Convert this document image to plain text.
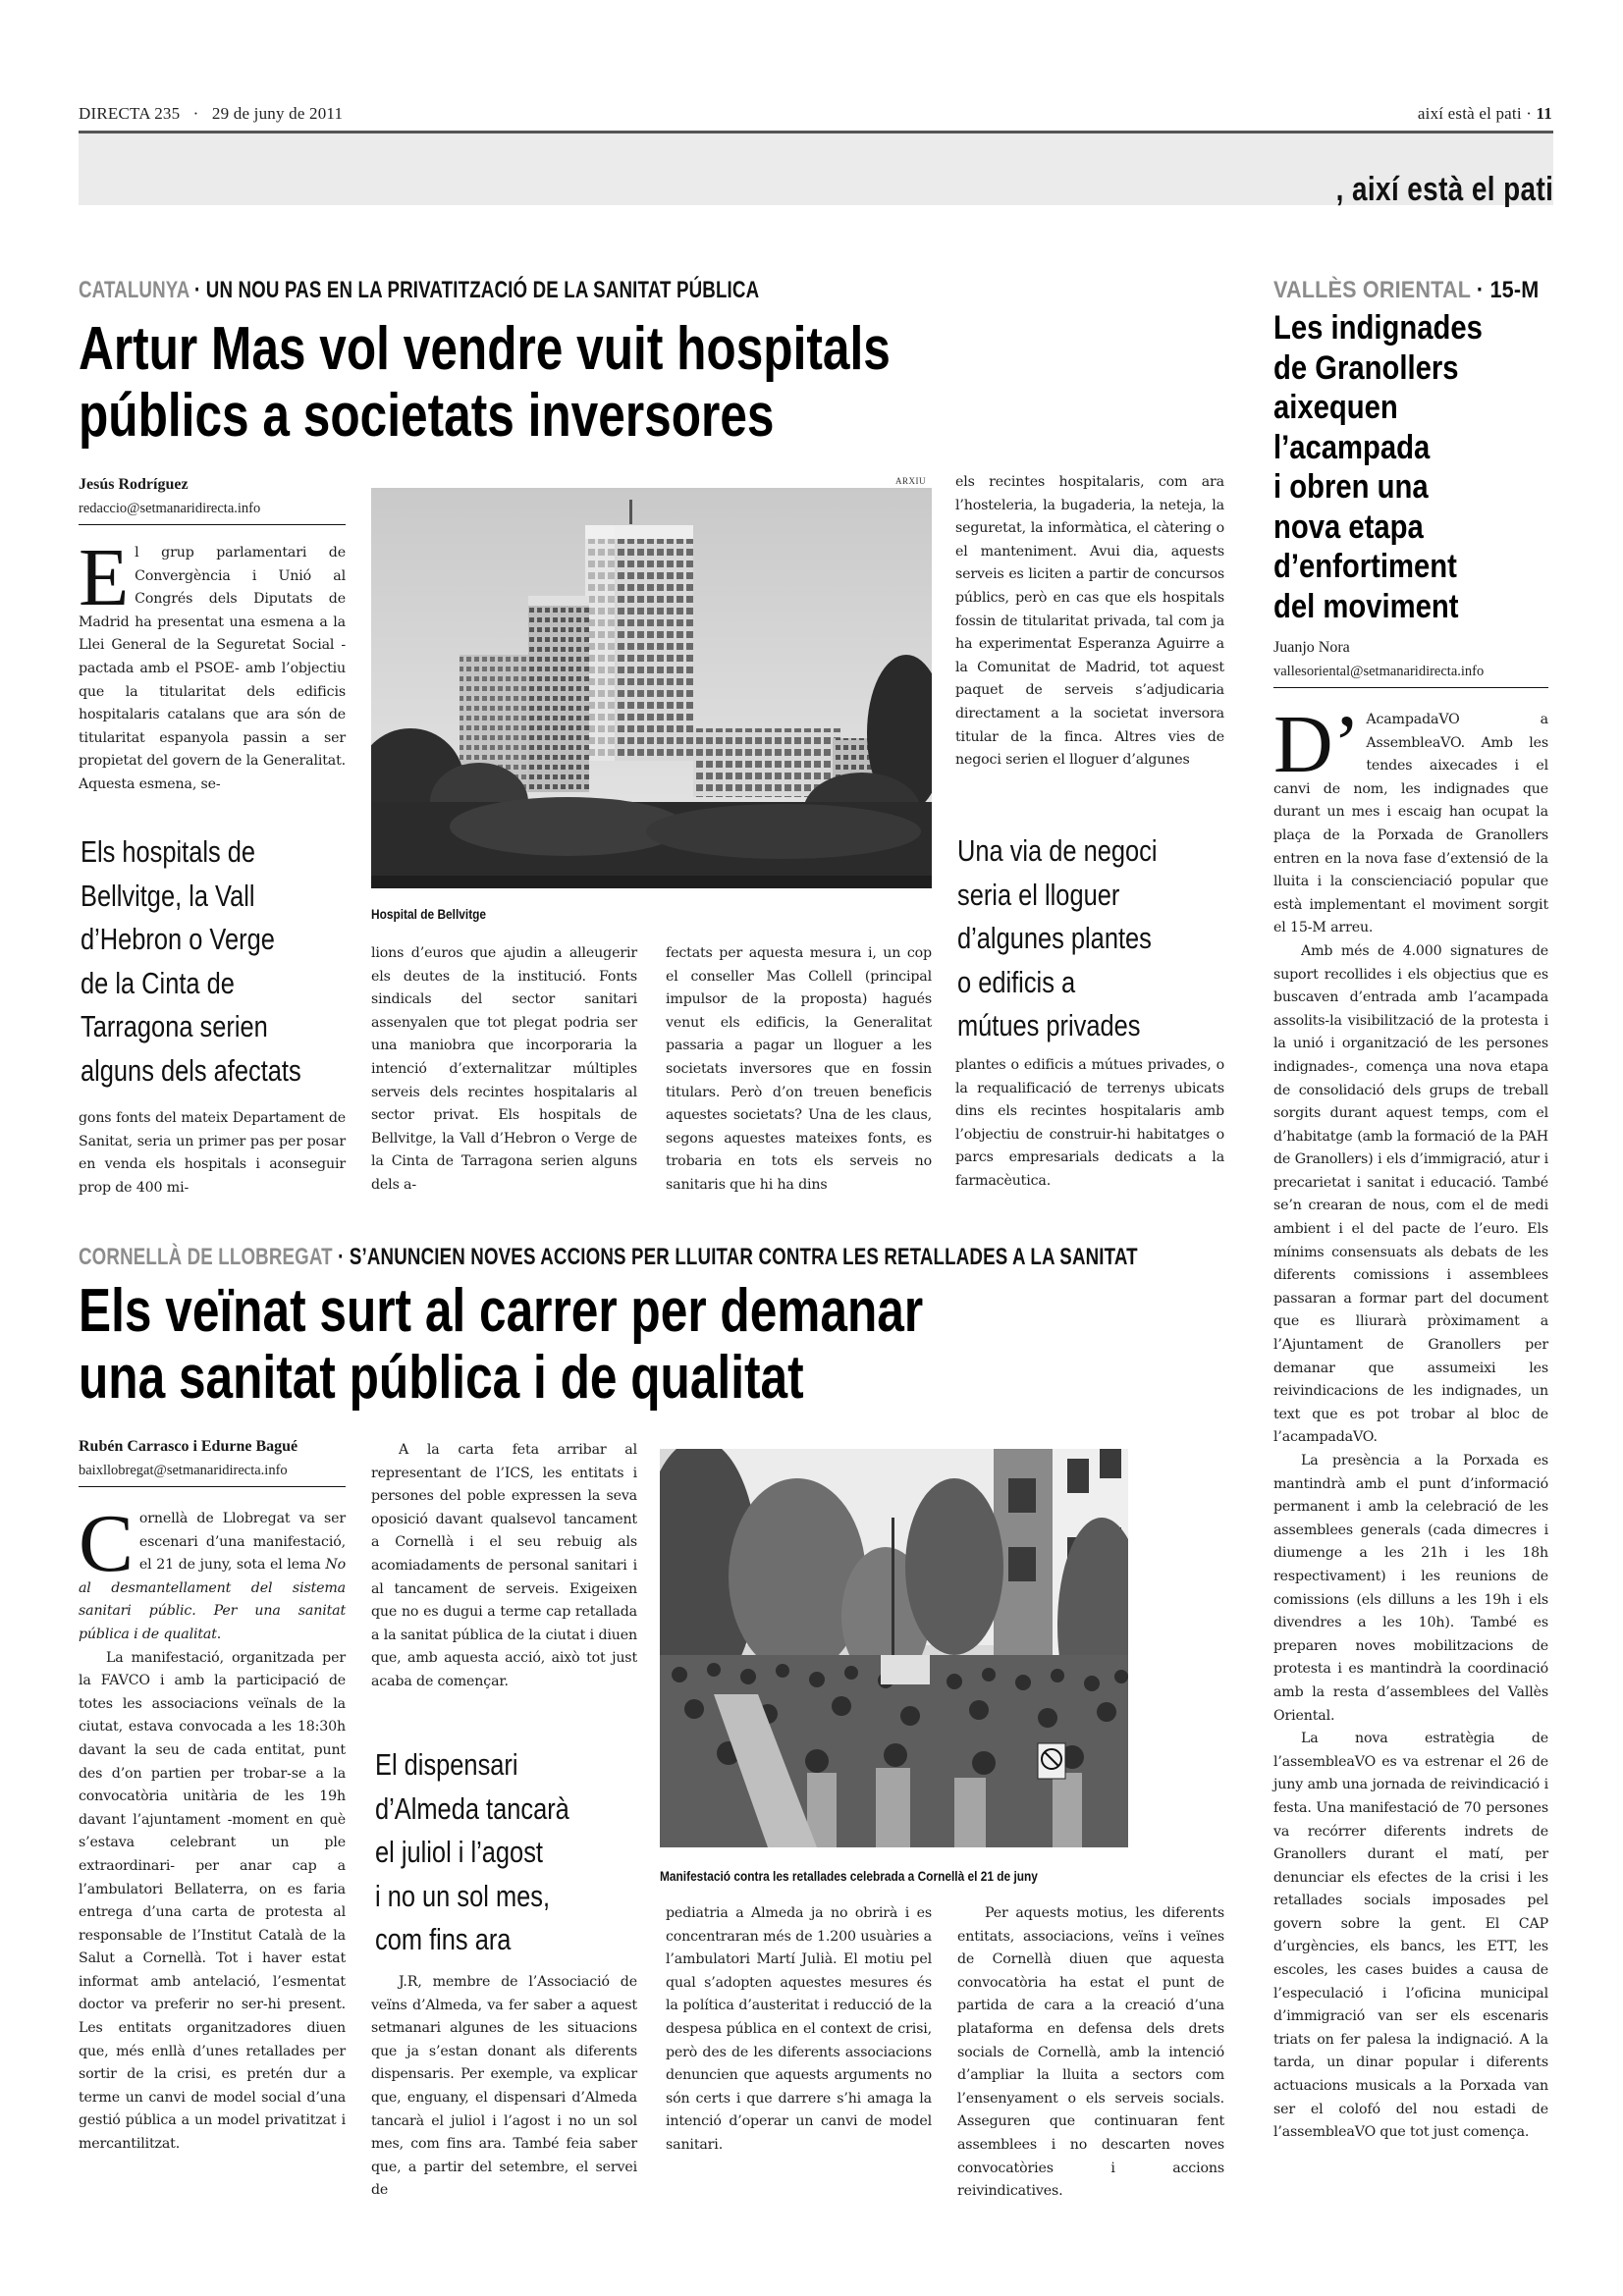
DIRECTA 235 · 29 de juny de 2011	així està el pati · 11
, així està el pati
CATALUNYA · UN NOU PAS EN LA PRIVATITZACIÓ DE LA SANITAT PÚBLICA
Artur Mas vol vendre vuit hospitals
públics a societats inversores
Jesús Rodríguez
redaccio@setmanaridirecta.info

El grup parlamentari de Convergència i Unió al Congrés dels Diputats de Madrid ha presentat una esmena a la Llei General de la Seguretat Social -pactada amb el PSOE- amb l’objectiu que la titularitat dels edificis hospitalaris catalans que ara són de titularitat espanyola passin a ser propietat del govern de la Generalitat. Aquesta esmena, se-

Els hospitals de
Bellvitge, la Vall
d’Hebron o Verge
de la Cinta de
Tarragona serien
alguns dels afectats

gons fonts del mateix Departament de Sanitat, seria un primer pas per posar en venda els hospitals i aconseguir prop de 400 mi-

ARXIU
Hospital de Bellvitge

lions d’euros que ajudin a alleugerir els deutes de la institució. Fonts sindicals del sector sanitari assenyalen que tot plegat podria ser una maniobra que incorporaria la intenció d’externalitzar múltiples serveis dels recintes hospitalaris al sector privat. Els hospitals de Bellvitge, la Vall d’Hebron o Verge de la Cinta de Tarragona serien alguns dels a-

fectats per aquesta mesura i, un cop el conseller Mas Collell (principal impulsor de la proposta) hagués venut els edificis, la Generalitat passaria a pagar un lloguer a les societats inversores que en fossin titulars. Però d’on treuen beneficis aquestes societats? Una de les claus, segons aquestes mateixes fonts, es trobaria en tots els serveis no sanitaris que hi ha dins

els recintes hospitalaris, com ara l’hosteleria, la bugaderia, la neteja, la seguretat, la informàtica, el càtering o el manteniment. Avui dia, aquests serveis es liciten a partir de concursos públics, però en cas que els hospitals fossin de titularitat privada, tal com ja ha experimentat Esperanza Aguirre a la Comunitat de Madrid, tot aquest paquet de serveis s’adjudicaria directament a la societat inversora titular de la finca. Altres vies de negoci serien el lloguer d’algunes

Una via de negoci
seria el lloguer
d’algunes plantes
o edificis a
mútues privades

plantes o edificis a mútues privades, o la requalificació de terrenys ubicats dins els recintes hospitalaris amb l’objectiu de construir-hi habitatges o parcs empresarials dedicats a la farmacèutica.

CORNELLÀ DE LLOBREGAT · S’ANUNCIEN NOVES ACCIONS PER LLUITAR CONTRA LES RETALLADES A LA SANITAT
Els veïnat surt al carrer per demanar
una sanitat pública i de qualitat
Rubén Carrasco i Edurne Bagué
baixllobregat@setmanaridirecta.info

Cornellà de Llobregat va ser escenari d’una manifestació, el 21 de juny, sota el lema No al desmantellament del sistema sanitari públic. Per una sanitat pública i de qualitat.

La manifestació, organitzada per la FAVCO i amb la participació de totes les associacions veïnals de la ciutat, estava convocada a les 18:30h davant la seu de cada entitat, punt des d’on partien per trobar-se a la convocatòria unitària de les 19h davant l’ajuntament -moment en què s’estava celebrant un ple extraordinari- per anar cap a l’ambulatori Bellaterra, on es faria entrega d’una carta de protesta al responsable de l’Institut Català de la Salut a Cornellà. Tot i haver estat informat amb antelació, l’esmentat doctor va preferir no ser-hi present. Les entitats organitzadores diuen que, més enllà d’unes retallades per sortir de la crisi, es pretén dur a terme un canvi de model social d’una gestió pública a un model privatitzat i mercantilitzat.

A la carta feta arribar al representant de l’ICS, les entitats i persones del poble expressen la seva oposició davant qualsevol tancament a Cornellà i el seu rebuig als acomiadaments de personal sanitari i al tancament de serveis. Exigeixen que no es dugui a terme cap retallada a la sanitat pública de la ciutat i diuen que, amb aquesta acció, això tot just acaba de començar.

El dispensari
d’Almeda tancarà
el juliol i l’agost
i no un sol mes,
com fins ara

J.R, membre de l’Associació de veïns d’Almeda, va fer saber a aquest setmanari algunes de les situacions que ja s’estan donant als diferents dispensaris. Per exemple, va explicar que, enguany, el dispensari d’Almeda tancarà el juliol i l’agost i no un sol mes, com fins ara. També feia saber que, a partir del setembre, el servei de

Manifestació contra les retallades celebrada a Cornellà el 21 de juny

pediatria a Almeda ja no obrirà i es concentraran més de 1.200 usuàries a l’ambulatori Martí Julià. El motiu pel qual s’adopten aquestes mesures és la política d’austeritat i reducció de la despesa pública en el context de crisi, però des de les diferents associacions denuncien que aquests arguments no són certs i que darrere s’hi amaga la intenció d’operar un canvi de model sanitari.

Per aquests motius, les diferents entitats, associacions, veïns i veïnes de Cornellà diuen que aquesta convocatòria ha estat el punt de partida de cara a la creació d’una plataforma en defensa dels drets socials de Cornellà, amb la intenció d’ampliar la lluita a sectors com l’ensenyament o els serveis socials. Asseguren que continuaran fent assemblees i no descarten noves convocatòries i accions reivindicatives.

VALLÈS ORIENTAL · 15-M
Les indignades
de Granollers
aixequen
l’acampada
i obren una
nova etapa
d’enfortiment
del moviment
Juanjo Nora
vallesoriental@setmanaridirecta.info

D’ AcampadaVO a AssembleaVO. Amb les tendes aixecades i el canvi de nom, les indignades que durant un mes i escaig han ocupat la plaça de la Porxada de Granollers entren en la nova fase d’extensió de la lluita i la conscienciació popular que està implementant el moviment sorgit el 15-M arreu.

Amb més de 4.000 signatures de suport recollides i els objectius que es buscaven d’entrada amb l’acampada assolits-la visibilització de la protesta i la unió i organització de les persones indignades-, comença una nova etapa de consolidació dels grups de treball sorgits durant aquest temps, com el d’habitatge (amb la formació de la PAH de Granollers) i els d’immigració, atur i precarietat i sanitat i educació. També se’n crearan de nous, com el de medi ambient i el del pacte de l’euro. Els mínims consensuats als debats de les diferents comissions i assemblees passaran a formar part del document que es lliurarà pròximament a l’Ajuntament de Granollers per demanar que assumeixi les reivindicacions de les indignades, un text que es pot trobar al bloc de l’acampadaVO.

La presència a la Porxada es mantindrà amb el punt d’informació permanent i amb la celebració de les assemblees generals (cada dimecres i diumenge a les 21h i les 18h respectivament) i les reunions de comissions (els dilluns a les 19h i els divendres a les 10h). També es preparen noves mobilitzacions de protesta i es mantindrà la coordinació amb la resta d’assemblees del Vallès Oriental.

La nova estratègia de l’assembleaVO es va estrenar el 26 de juny amb una jornada de reivindicació i festa. Una manifestació de 70 persones va recórrer diferents indrets de Granollers durant el matí, per denunciar els efectes de la crisi i les retallades socials imposades pel govern sobre la gent. El CAP d’urgències, els bancs, les ETT, les escoles, les cases buides a causa de l’especulació i l’oficina municipal d’immigració van ser els escenaris triats on fer palesa la indignació. A la tarda, un dinar popular i diferents actuacions musicals a la Porxada van ser el colofó del nou estadi de l’assembleaVO que tot just comença.
